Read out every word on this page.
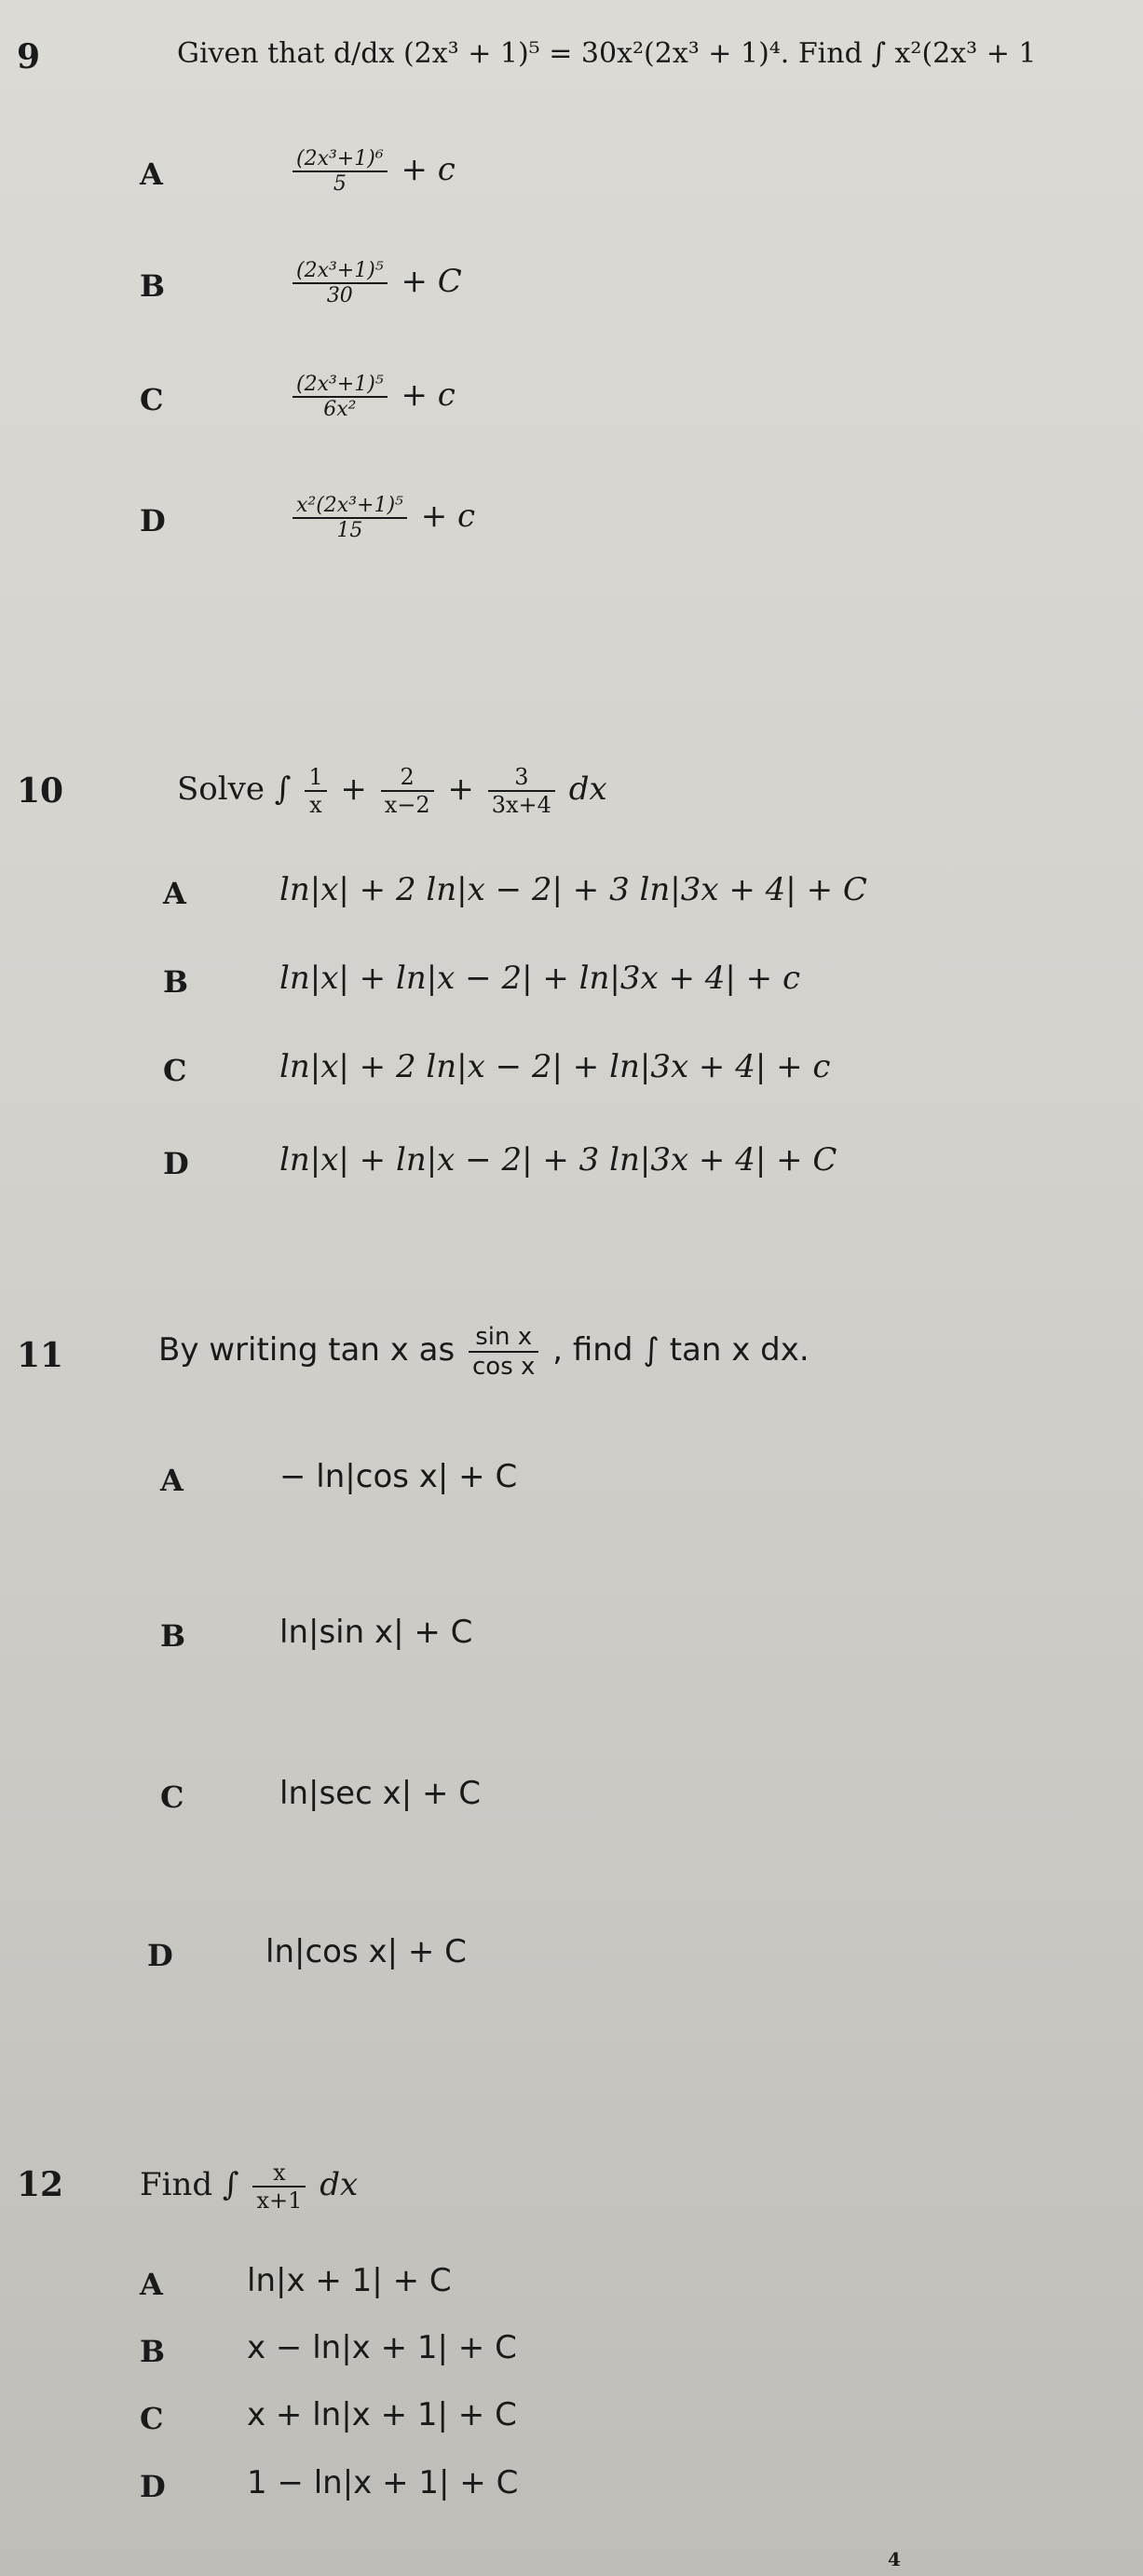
9	Given that d/dx (2x³ + 1)⁵ = 30x²(2x³ + 1)⁴. Find ∫ x²(2x³ + 1
A	$\frac{\text{(2x³+1)⁶}}{5} + c$
B	$\frac{\text{(2x³+1)⁵}}{30} + C$
C	$\frac{\text{(2x³+1)⁵}}{\text{6x²}} + c$
D	$\frac{\text{x²(2x³+1)⁵}}{15} + c$
10	Solve ∫ $\frac{1}{x} + \frac{2}{x-2} + \frac{3}{3x+4}$ dx
A	ln|x| + 2 ln|x − 2| + 3 ln|3x + 4| + C
B	ln|x| + ln|x − 2| + ln|3x + 4| + c
C	ln|x| + 2 ln|x − 2| + ln|3x + 4| + c
D	ln|x| + ln|x − 2| + 3 ln|3x + 4| + C
11	By writing tan x as $\frac{\text{sin x}}{\text{cos x}}$ , find ∫ tan x dx.
A	− ln|cos x| + C
B	ln|sin x| + C
C	ln|sec x| + C
D	ln|cos x| + C
12 Find ∫ $\frac{x}{x+1}$ dx
A	ln|x + 1| + C
B	x − ln|x + 1| + C
C	x + ln|x + 1| + C
D	1 − ln|x + 1| + C
4
